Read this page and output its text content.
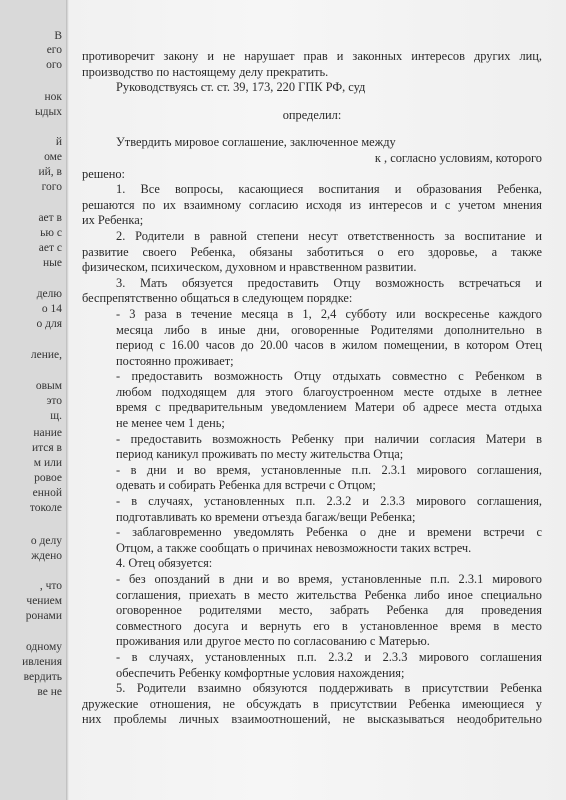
В
его
ого
нок
ыдых
й
оме
ий, в
гого
ает в
ью с
ает с
ные
делю
о 14
о для
ление,
овым
это
щ.
нание
ится в
м или
ровое
енной
токоле
о делу
ждено
, что
чением
ронами
одному
ивления
вердить
ве не
противоречит закону и не нарушает прав и законных интересов других лиц,
производство по настоящему делу прекратить.
Руководствуясь ст. ст. 39, 173, 220 ГПК РФ, суд
определил:
Утвердить мировое соглашение, заключенное между
к , согласно условиям, которого
решено:
1. Все вопросы, касающиеся воспитания и образования Ребенка,
решаются по их взаимному согласию исходя из интересов и с учетом мнения
их Ребенка;
2. Родители в равной степени несут ответственность за воспитание и
развитие своего Ребенка, обязаны заботиться о его здоровье, а также
физическом, психическом, духовном и нравственном развитии.
3. Мать обязуется предоставить Отцу возможность встречаться и
беспрепятственно общаться в следующем порядке:
- 3 раза в течение месяца в 1, 2,4 субботу или воскресенье каждого
месяца либо в иные дни, оговоренные Родителями дополнительно в
период с 16.00 часов до 20.00 часов в жилом помещении, в котором Отец
постоянно проживает;
- предоставить возможность Отцу отдыхать совместно с Ребенком в
любом подходящем для этого благоустроенном месте отдыхе в летнее
время с предварительным уведомлением Матери об адресе места отдыха
не менее чем 1 день;
- предоставить возможность Ребенку при наличии согласия Матери в
период каникул проживать по месту жительства Отца;
- в дни и во время, установленные п.п. 2.3.1 мирового соглашения,
одевать и собирать Ребенка для встречи с Отцом;
- в случаях, установленных п.п. 2.3.2 и 2.3.3 мирового соглашения,
подготавливать ко времени отъезда багаж/вещи Ребенка;
- заблаговременно уведомлять Ребенка о дне и времени встречи с
Отцом, а также сообщать о причинах невозможности таких встреч.
4. Отец обязуется:
- без опозданий в дни и во время, установленные п.п. 2.3.1 мирового
соглашения, приехать в место жительства Ребенка либо иное специально
оговоренное родителями место, забрать Ребенка для проведения
совместного досуга и вернуть его в установленное время в место
проживания или другое место по согласованию с Матерью.
- в случаях, установленных п.п. 2.3.2 и 2.3.3 мирового соглашения
обеспечить Ребенку комфортные условия нахождения;
5. Родители взаимно обязуются поддерживать в присутствии Ребенка
дружеские отношения, не обсуждать в присутствии Ребенка имеющиеся у
них проблемы личных взаимоотношений, не высказываться неодобрительно
